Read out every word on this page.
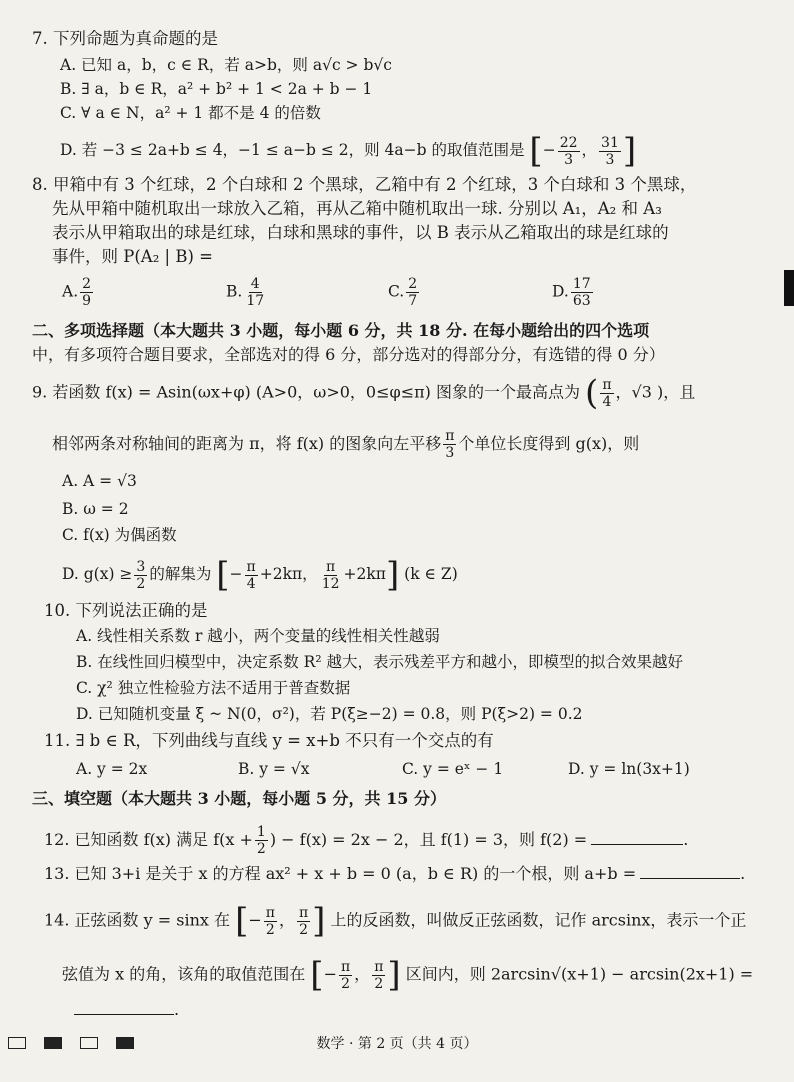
7. 下列命题为真命题的是
A. 已知 a，b，c ∈ R，若 a>b，则 a√c > b√c
B. ∃ a，b ∈ R，a² + b² + 1 < 2a + b − 1
C. ∀ a ∈ N，a² + 1 都不是 4 的倍数
D. 若 −3 ≤ 2a+b ≤ 4，−1 ≤ a−b ≤ 2，则 4a−b 的取值范围是 [− $\frac{22}{3}$ ， $\frac{31}{3}$ ]
8. 甲箱中有 3 个红球，2 个白球和 2 个黑球，乙箱中有 2 个红球，3 个白球和 3 个黑球，
先从甲箱中随机取出一球放入乙箱，再从乙箱中随机取出一球. 分别以 A₁，A₂ 和 A₃
表示从甲箱取出的球是红球，白球和黑球的事件，以 B 表示从乙箱取出的球是红球的
事件，则 P(A₂ | B) =
A. $\frac{2}{9}$	B. $\frac{4}{17}$	C. $\frac{2}{7}$	D. $\frac{17}{63}$
二、多项选择题（本大题共 3 小题，每小题 6 分，共 18 分. 在每小题给出的四个选项
中，有多项符合题目要求，全部选对的得 6 分，部分选对的得部分分，有选错的得 0 分）
9. 若函数 f(x) = Asin(ωx+φ) (A>0，ω>0，0≤φ≤π) 图象的一个最高点为 ( $\frac{\pi}{4}$ ，√3 )，且
相邻两条对称轴间的距离为 π，将 f(x) 的图象向左平移 $\frac{\pi}{3}$ 个单位长度得到 g(x)，则
A. A = √3
B. ω = 2
C. f(x) 为偶函数
D. $g(x) \ge \frac{3}{2}$ 的解集为 [− $\frac{\pi}{4} +2k\pi$， $\frac{\pi}{12} +2k\pi$] (k ∈ Z)
10. 下列说法正确的是
A. 线性相关系数 r 越小，两个变量的线性相关性越弱
B. 在线性回归模型中，决定系数 R² 越大，表示残差平方和越小，即模型的拟合效果越好
C. χ² 独立性检验方法不适用于普查数据
D. 已知随机变量 ξ ~ N(0，σ²)，若 P(ξ≥−2) = 0.8，则 P(ξ>2) = 0.2
11. ∃ b ∈ R，下列曲线与直线 y = x+b 不只有一个交点的有
A. y = 2x	B. y = √x	C. y = eˣ − 1	D. y = ln(3x+1)
三、填空题（本大题共 3 小题，每小题 5 分，共 15 分）
12. 已知函数 f(x) 满足 $f(x + \frac{1}{2}$ ) − f(x) = 2x − 2，且 f(1) = 3，则 f(2) =	.
13. 已知 3+i 是关于 x 的方程 ax² + x + b = 0 (a，b ∈ R) 的一个根，则 a+b =	.
14. 正弦函数 y = sinx 在 [− $\frac{\pi}{2}$ ， $\frac{\pi}{2}$ ] 上的反函数，叫做反正弦函数，记作 arcsinx，表示一个正
弦值为 x 的角，该角的取值范围在 [− $\frac{\pi}{2}$ ， $\frac{\pi}{2}$ ] 区间内，则 2arcsin√(x+1) − arcsin(2x+1) =
.
数学 · 第 2 页（共 4 页）
